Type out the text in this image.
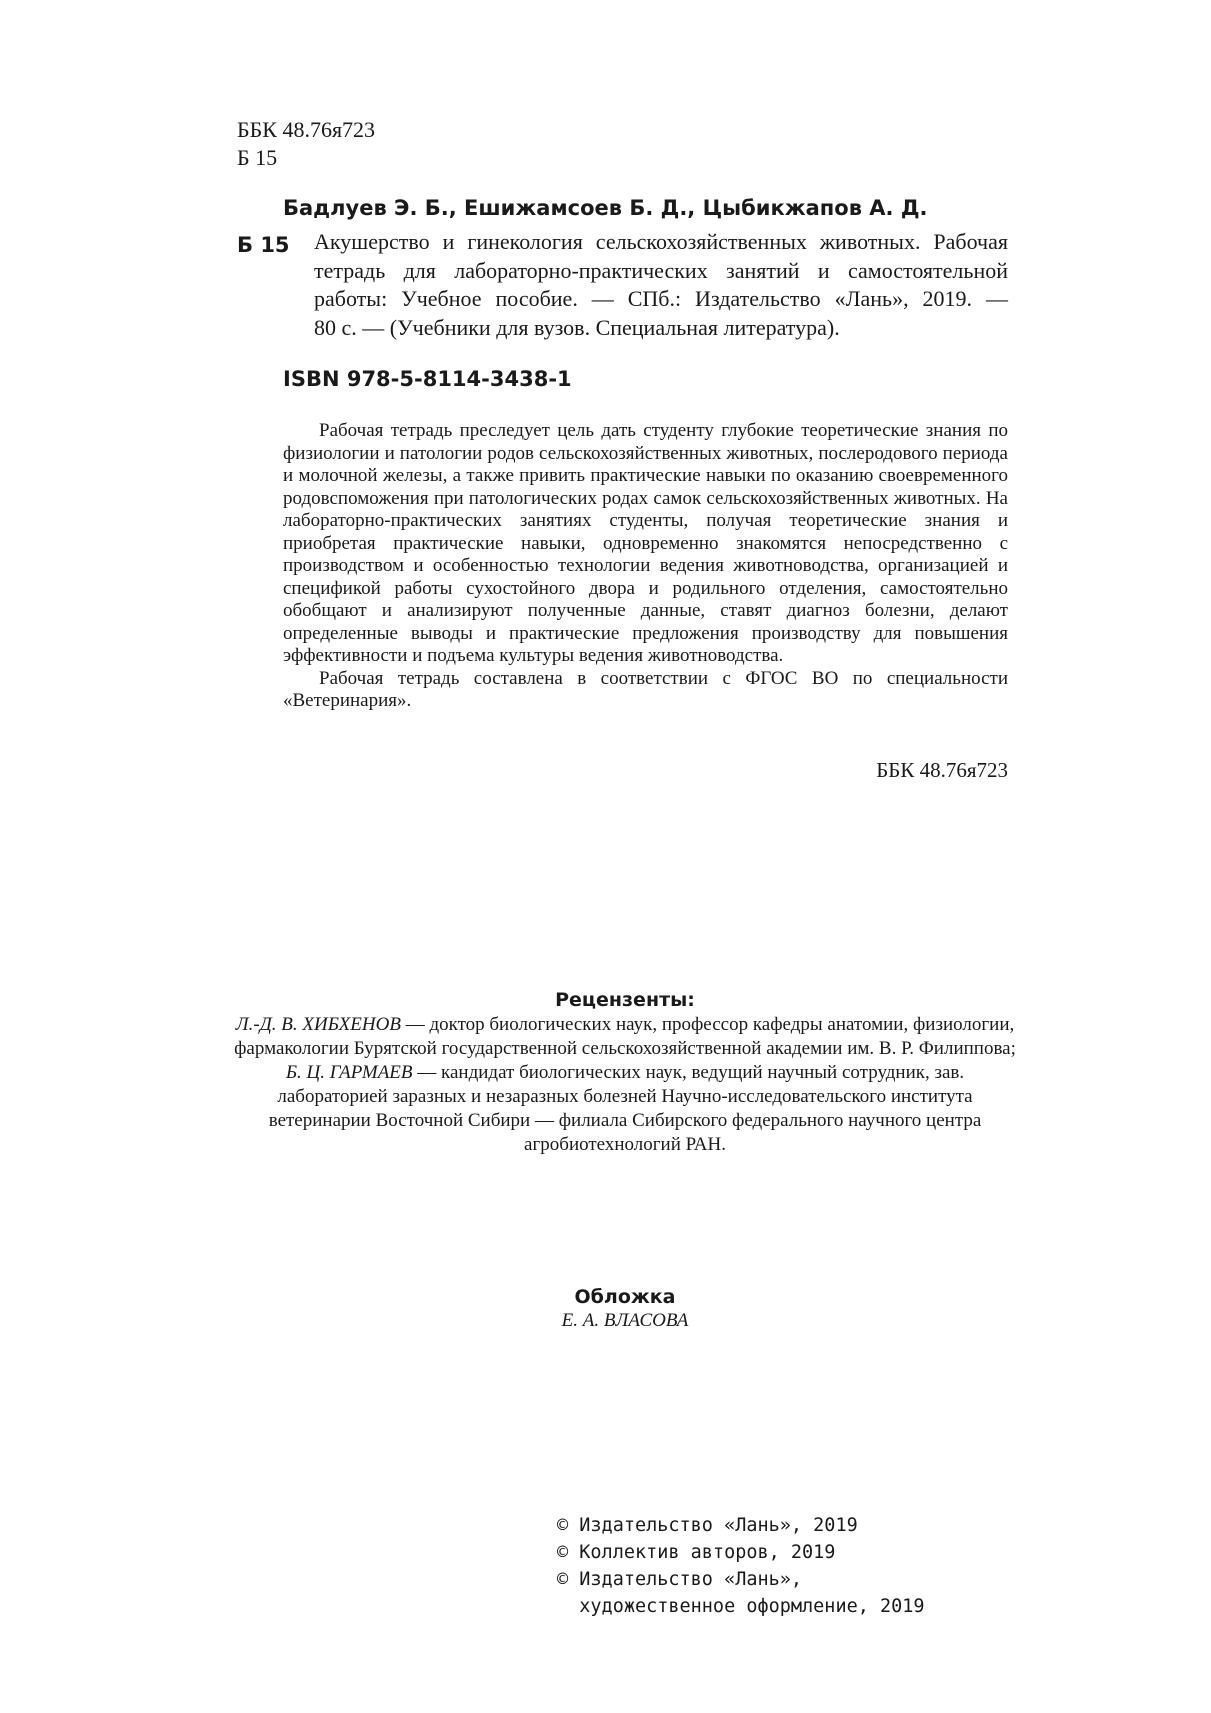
ББК 48.76я723
Б 15
Бадлуев Э. Б., Ешижамсоев Б. Д., Цыбикжапов А. Д.
Б 15 Акушерство и гинекология сельскохозяйственных животных. Рабочая
тетрадь для лабораторно-практических занятий и самостоятельной
работы: Учебное пособие. — СПб.: Издательство «Лань», 2019. —
80 с. — (Учебники для вузов. Специальная литература).
ISBN 978-5-8114-3438-1

Рабочая тетрадь преследует цель дать студенту глубокие теоретические знания по физиологии и патологии родов сельскохозяйственных животных, послеродового периода и молочной железы, а также привить практические навыки по оказанию своевременного родовспоможения при патологических родах самок сельскохозяйственных животных. На лабораторно-практических занятиях студенты, получая теоретические знания и приобретая практические навыки, одновременно знакомятся непосредственно с производством и особенностью технологии ведения животноводства, организацией и спецификой работы сухостойного двора и родильного отделения, самостоятельно обобщают и анализируют полученные данные, ставят диагноз болезни, делают определенные выводы и практические предложения производству для повышения эффективности и подъема культуры ведения животноводства.

Рабочая тетрадь составлена в соответствии с ФГОС ВО по специальности «Ветеринария».

ББК 48.76я723
Рецензенты:
Л.-Д. В. ХИБХЕНОВ — доктор биологических наук, профессор кафедры анатомии, физиологии, фармакологии Бурятской государственной сельскохозяйственной академии им. В. Р. Филиппова;
Б. Ц. ГАРМАЕВ — кандидат биологических наук, ведущий научный сотрудник, зав. лабораторией заразных и незаразных болезней Научно-исследовательского института ветеринарии Восточной Сибири — филиала Сибирского федерального научного центра агробиотехнологий РАН.
Обложка
Е. А. ВЛАСОВА
© Издательство «Лань», 2019
© Коллектив авторов, 2019
© Издательство «Лань»,
художественное оформление, 2019
